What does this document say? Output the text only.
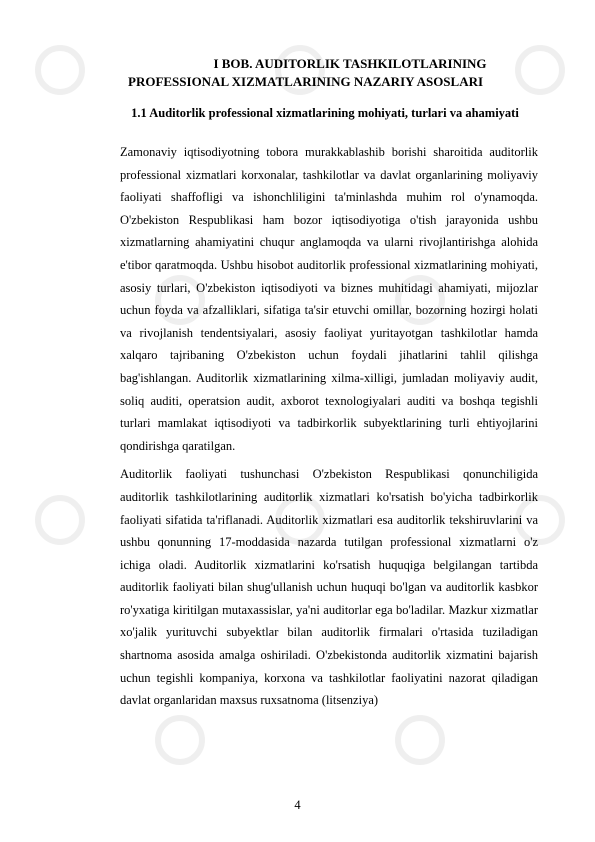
I BOB. AUDITORLIK TASHKILOTLARINING
PROFESSIONAL XIZMATLARINING NAZARIY ASOSLARI
1.1 Auditorlik professional xizmatlarining mohiyati, turlari va ahamiyati

Zamonaviy iqtisodiyotning tobora murakkablashib borishi sharoitida auditorlik professional xizmatlari korxonalar, tashkilotlar va davlat organlarining moliyaviy faoliyati shaffofligi va ishonchliligini ta'minlashda muhim rol o'ynamoqda. O'zbekiston Respublikasi ham bozor iqtisodiyotiga o'tish jarayonida ushbu xizmatlarning ahamiyatini chuqur anglamoqda va ularni rivojlantirishga alohida e'tibor qaratmoqda. Ushbu hisobot auditorlik professional xizmatlarining mohiyati, asosiy turlari, O'zbekiston iqtisodiyoti va biznes muhitidagi ahamiyati, mijozlar uchun foyda va afzalliklari, sifatiga ta'sir etuvchi omillar, bozorning hozirgi holati va rivojlanish tendentsiyalari, asosiy faoliyat yuritayotgan tashkilotlar hamda xalqaro tajribaning O'zbekiston uchun foydali jihatlarini tahlil qilishga bag'ishlangan. Auditorlik xizmatlarining xilma-xilligi, jumladan moliyaviy audit, soliq auditi, operatsion audit, axborot texnologiyalari auditi va boshqa tegishli turlari mamlakat iqtisodiyoti va tadbirkorlik subyektlarining turli ehtiyojlarini qondirishga qaratilgan.

Auditorlik faoliyati tushunchasi O'zbekiston Respublikasi qonunchiligida auditorlik tashkilotlarining auditorlik xizmatlari ko'rsatish bo'yicha tadbirkorlik faoliyati sifatida ta'riflanadi. Auditorlik xizmatlari esa auditorlik tekshiruvlarini va ushbu qonunning 17-moddasida nazarda tutilgan professional xizmatlarni o'z ichiga oladi. Auditorlik xizmatlarini ko'rsatish huquqiga belgilangan tartibda auditorlik faoliyati bilan shug'ullanish uchun huquqi bo'lgan va auditorlik kasbkor ro'yxatiga kiritilgan mutaxassislar, ya'ni auditorlar ega bo'ladilar. Mazkur xizmatlar xo'jalik yurituvchi subyektlar bilan auditorlik firmalari o'rtasida tuziladigan shartnoma asosida amalga oshiriladi. O'zbekistonda auditorlik xizmatini bajarish uchun tegishli kompaniya, korxona va tashkilotlar faoliyatini nazorat qiladigan davlat organlaridan maxsus ruxsatnoma (litsenziya)

4
